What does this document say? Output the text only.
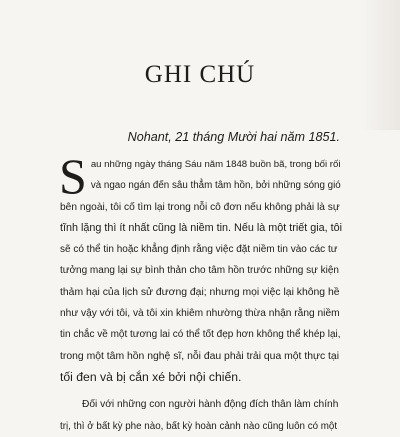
GHI CHÚ
Nohant, 21 tháng Mười hai năm 1851.
S au những ngày tháng Sáu năm 1848 buồn bã, trong bối rối
và ngao ngán đến sâu thẳm tâm hồn, bởi những sóng gió
bên ngoài, tôi cố tìm lại trong nỗi cô đơn nếu không phải là sự
tĩnh lặng thì ít nhất cũng là niềm tin. Nếu là một triết gia, tôi
sẽ có thể tin hoặc khẳng định rằng việc đặt niềm tin vào các tư
tưởng mang lại sự bình thản cho tâm hồn trước những sự kiện
thảm hại của lịch sử đương đại; nhưng mọi việc lại không hề
như vậy với tôi, và tôi xin khiêm nhường thừa nhận rằng niềm
tin chắc về một tương lai có thể tốt đẹp hơn không thể khép lại,
trong một tâm hồn nghệ sĩ, nỗi đau phải trải qua một thực tại
tối đen và bị cắn xé bởi nội chiến.
Đối với những con người hành động đích thân làm chính
trị, thì ở bất kỳ phe nào, bất kỳ hoàn cảnh nào cũng luôn có một
